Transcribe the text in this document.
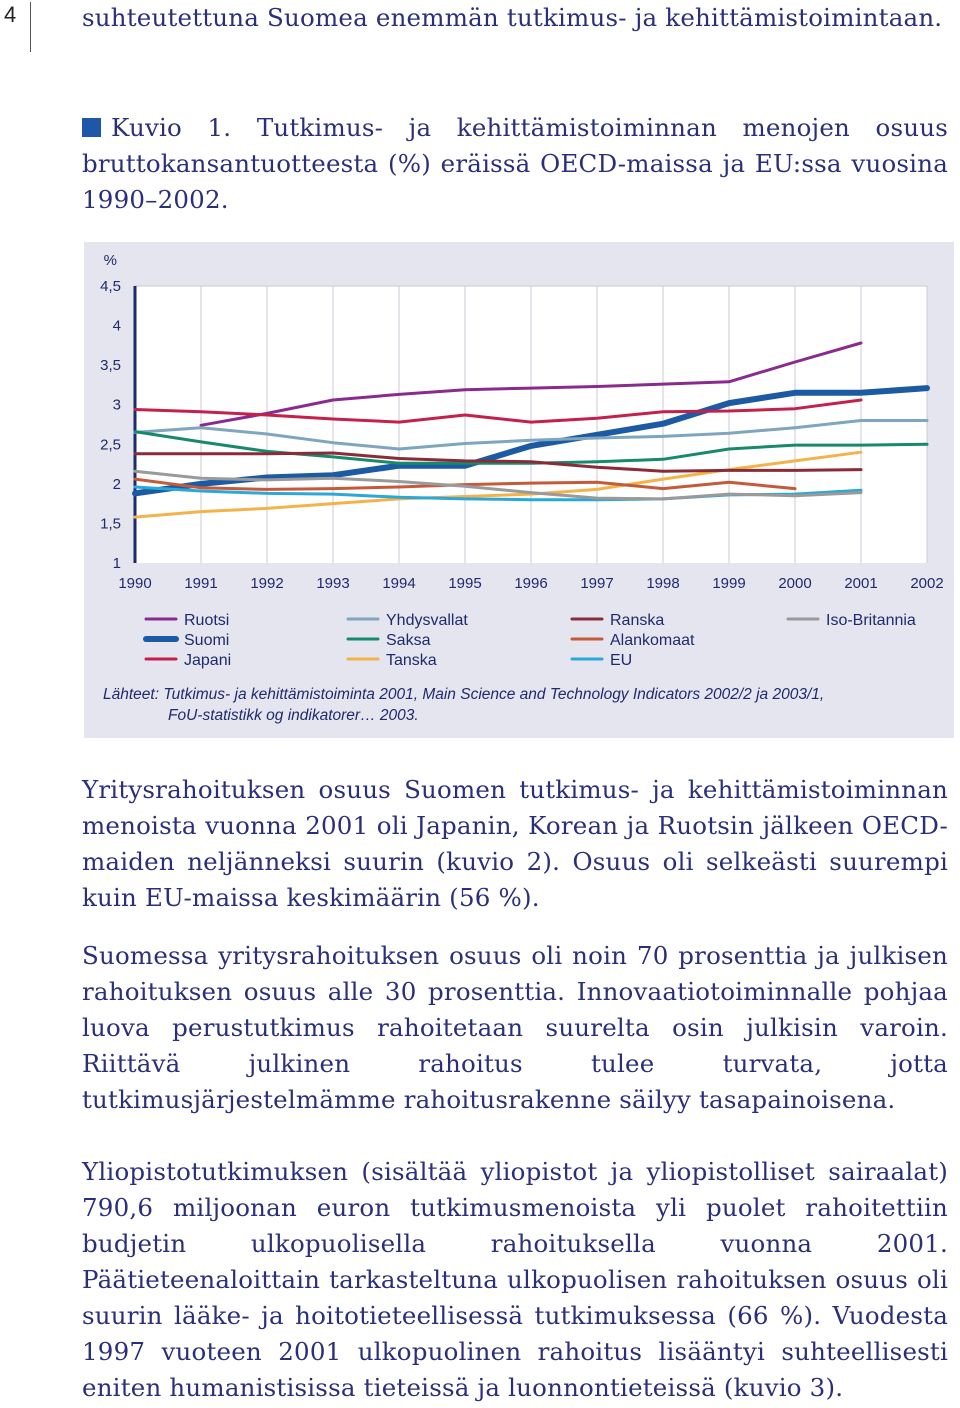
4	suhteutettuna Suomea enemmän tutkimus- ja kehittämistoimintaan.

Kuvio 1. Tutkimus- ja kehittämistoiminnan menojen osuus bruttokansantuotteesta (%) eräissä OECD-maissa ja EU:ssa vuosina 1990–2002.

%
4,5
4
3,5
3
2,5
2
1,5
1
1990 1991 1992 1993 1994 1995 1996 1997 1998 1999 2000 2001 2002
Ruotsi
Suomi
Japani
Yhdysvallat
Saksa
Tanska
Ranska
Alankomaat
EU
Iso-Britannia
Lähteet: Tutkimus- ja kehittämistoiminta 2001, Main Science and Technology Indicators 2002/2 ja 2003/1,
FoU-statistikk og indikatorer… 2003.

Yritysrahoituksen osuus Suomen tutkimus- ja kehittämistoiminnan menoista vuonna 2001 oli Japanin, Korean ja Ruotsin jälkeen OECD-maiden neljänneksi suurin (kuvio 2). Osuus oli selkeästi suurempi kuin EU-maissa keskimäärin (56 %).

Suomessa yritysrahoituksen osuus oli noin 70 prosenttia ja julkisen rahoituksen osuus alle 30 prosenttia. Innovaatiotoiminnalle pohjaa luova perustutkimus rahoitetaan suurelta osin julkisin varoin. Riittävä julkinen rahoitus tulee turvata, jotta tutkimusjärjestelmämme rahoitusrakenne säilyy tasapainoisena.

Yliopistotutkimuksen (sisältää yliopistot ja yliopistolliset sairaalat) 790,6 miljoonan euron tutkimusmenoista yli puolet rahoitettiin budjetin ulkopuolisella rahoituksella vuonna 2001. Päätieteenaloittain tarkasteltuna ulkopuolisen rahoituksen osuus oli suurin lääke- ja hoitotieteellisessä tutkimuksessa (66 %). Vuodesta 1997 vuoteen 2001 ulkopuolinen rahoitus lisääntyi suhteellisesti eniten humanistisissa tieteissä ja luonnontieteissä (kuvio 3).
